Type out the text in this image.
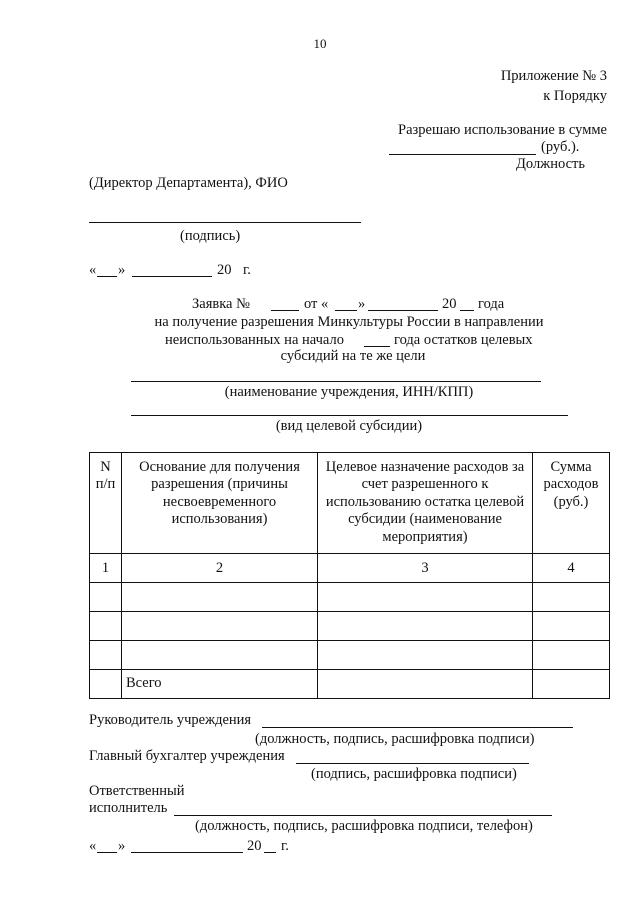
10
Приложение № 3
к Порядку
Разрешаю использование в сумме
(руб.).
Должность
(Директор Департамента), ФИО
(подпись)
« »	20 г.
Заявка №	от « »	20 года
на получение разрешения Минкультуры России в направлении
неиспользованных на начало	года остатков целевых
субсидий на те же цели
(наименование учреждения, ИНН/КПП)
(вид целевой субсидии)
N п/п	Основание для получения разрешения (причины несвоевременного использования)	Целевое назначение расходов за счет разрешенного к использованию остатка целевой субсидии (наименование мероприятия)	Сумма расходов (руб.)
1	2	3	4

	Всего		
Руководитель учреждения
(должность, подпись, расшифровка подписи)
Главный бухгалтер учреждения
(подпись, расшифровка подписи)
Ответственный
исполнитель
(должность, подпись, расшифровка подписи, телефон)
« »	20 г.
